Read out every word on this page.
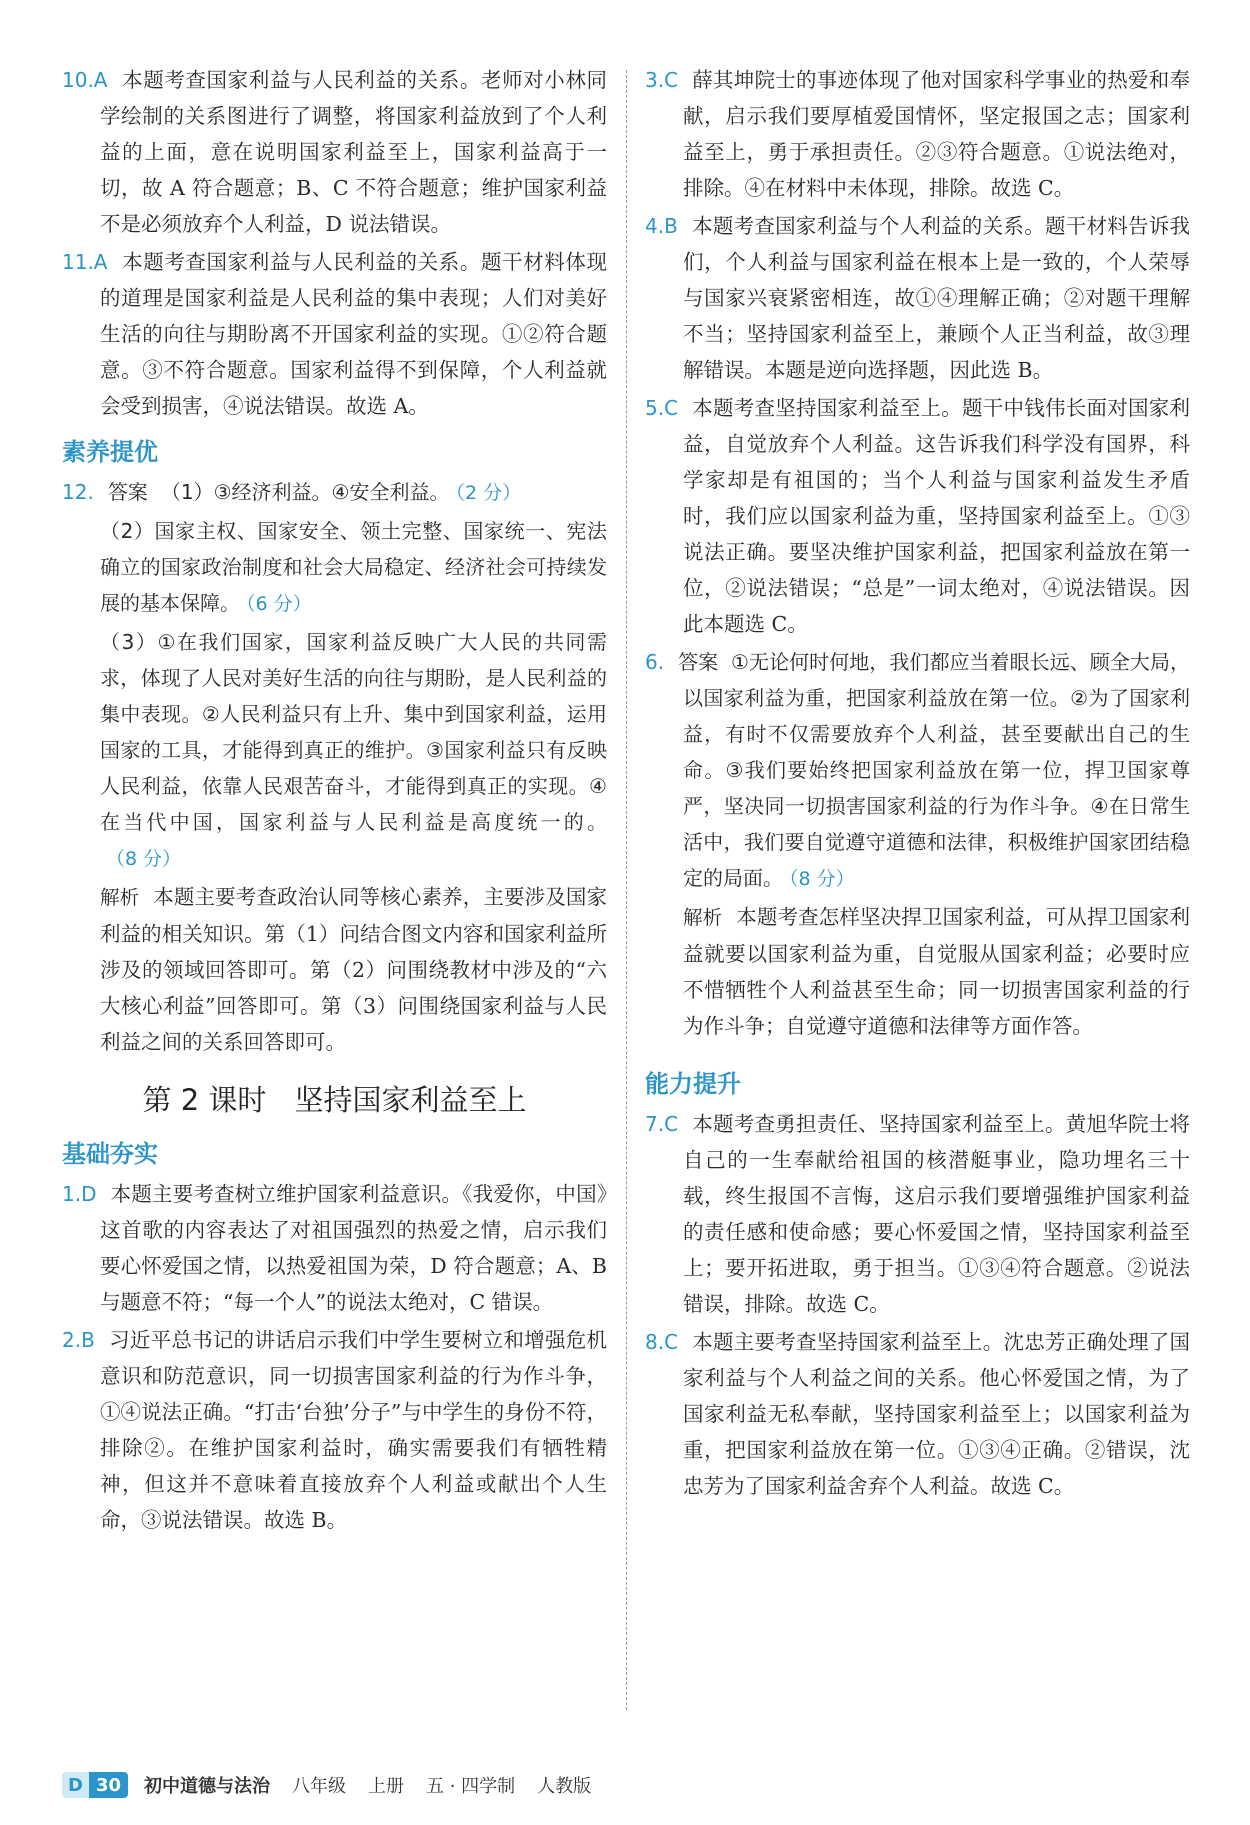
10.A 本题考查国家利益与人民利益的关系。老师对小林同学绘制的关系图进行了调整，将国家利益放到了个人利益的上面，意在说明国家利益至上，国家利益高于一切，故 A 符合题意；B、C 不符合题意；维护国家利益不是必须放弃个人利益，D 说法错误。

11.A 本题考查国家利益与人民利益的关系。题干材料体现的道理是国家利益是人民利益的集中表现；人们对美好生活的向往与期盼离不开国家利益的实现。①②符合题意。③不符合题意。国家利益得不到保障，个人利益就会受到损害，④说法错误。故选 A。

素养提优

12. 答案 （1）③经济利益。④安全利益。 （2 分）

（2）国家主权、国家安全、领土完整、国家统一、宪法确立的国家政治制度和社会大局稳定、经济社会可持续发展的基本保障。 （6 分）

（3）①在我们国家，国家利益反映广大人民的共同需求，体现了人民对美好生活的向往与期盼，是人民利益的集中表现。②人民利益只有上升、集中到国家利益，运用国家的工具，才能得到真正的维护。③国家利益只有反映人民利益，依靠人民艰苦奋斗，才能得到真正的实现。④在当代中国，国家利益与人民利益是高度统一的。（8 分）

解析 本题主要考查政治认同等核心素养，主要涉及国家利益的相关知识。第（1）问结合图文内容和国家利益所涉及的领域回答即可。第（2）问围绕教材中涉及的“六大核心利益”回答即可。第（3）问围绕国家利益与人民利益之间的关系回答即可。

第 2 课时 坚持国家利益至上
基础夯实

1.D 本题主要考查树立维护国家利益意识。《我爱你，中国》这首歌的内容表达了对祖国强烈的热爱之情，启示我们要心怀爱国之情，以热爱祖国为荣，D 符合题意；A、B 与题意不符；“每一个人”的说法太绝对，C 错误。

2.B 习近平总书记的讲话启示我们中学生要树立和增强危机意识和防范意识，同一切损害国家利益的行为作斗争，①④说法正确。“打击‘台独’分子”与中学生的身份不符，排除②。在维护国家利益时，确实需要我们有牺牲精神，但这并不意味着直接放弃个人利益或献出个人生命，③说法错误。故选 B。

3.C 薛其坤院士的事迹体现了他对国家科学事业的热爱和奉献，启示我们要厚植爱国情怀，坚定报国之志；国家利益至上，勇于承担责任。②③符合题意。①说法绝对，排除。④在材料中未体现，排除。故选 C。

4.B 本题考查国家利益与个人利益的关系。题干材料告诉我们，个人利益与国家利益在根本上是一致的，个人荣辱与国家兴衰紧密相连，故①④理解正确；②对题干理解不当；坚持国家利益至上，兼顾个人正当利益，故③理解错误。本题是逆向选择题，因此选 B。

5.C 本题考查坚持国家利益至上。题干中钱伟长面对国家利益，自觉放弃个人利益。这告诉我们科学没有国界，科学家却是有祖国的；当个人利益与国家利益发生矛盾时，我们应以国家利益为重，坚持国家利益至上。①③说法正确。要坚决维护国家利益，把国家利益放在第一位，②说法错误；“总是”一词太绝对，④说法错误。因此本题选 C。

6. 答案 ①无论何时何地，我们都应当着眼长远、顾全大局，以国家利益为重，把国家利益放在第一位。②为了国家利益，有时不仅需要放弃个人利益，甚至要献出自己的生命。③我们要始终把国家利益放在第一位，捍卫国家尊严，坚决同一切损害国家利益的行为作斗争。④在日常生活中，我们要自觉遵守道德和法律，积极维护国家团结稳定的局面。 （8 分）

解析 本题考查怎样坚决捍卫国家利益，可从捍卫国家利益就要以国家利益为重，自觉服从国家利益；必要时应不惜牺牲个人利益甚至生命；同一切损害国家利益的行为作斗争；自觉遵守道德和法律等方面作答。

能力提升

7.C 本题考查勇担责任、坚持国家利益至上。黄旭华院士将自己的一生奉献给祖国的核潜艇事业，隐功埋名三十载，终生报国不言悔，这启示我们要增强维护国家利益的责任感和使命感；要心怀爱国之情，坚持国家利益至上；要开拓进取，勇于担当。①③④符合题意。②说法错误，排除。故选 C。

8.C 本题主要考查坚持国家利益至上。沈忠芳正确处理了国家利益与个人利益之间的关系。他心怀爱国之情，为了国家利益无私奉献，坚持国家利益至上；以国家利益为重，把国家利益放在第一位。①③④正确。②错误，沈忠芳为了国家利益舍弃个人利益。故选 C。

D 30	初中道德与法治 八年级 上册 五 · 四学制 人教版
